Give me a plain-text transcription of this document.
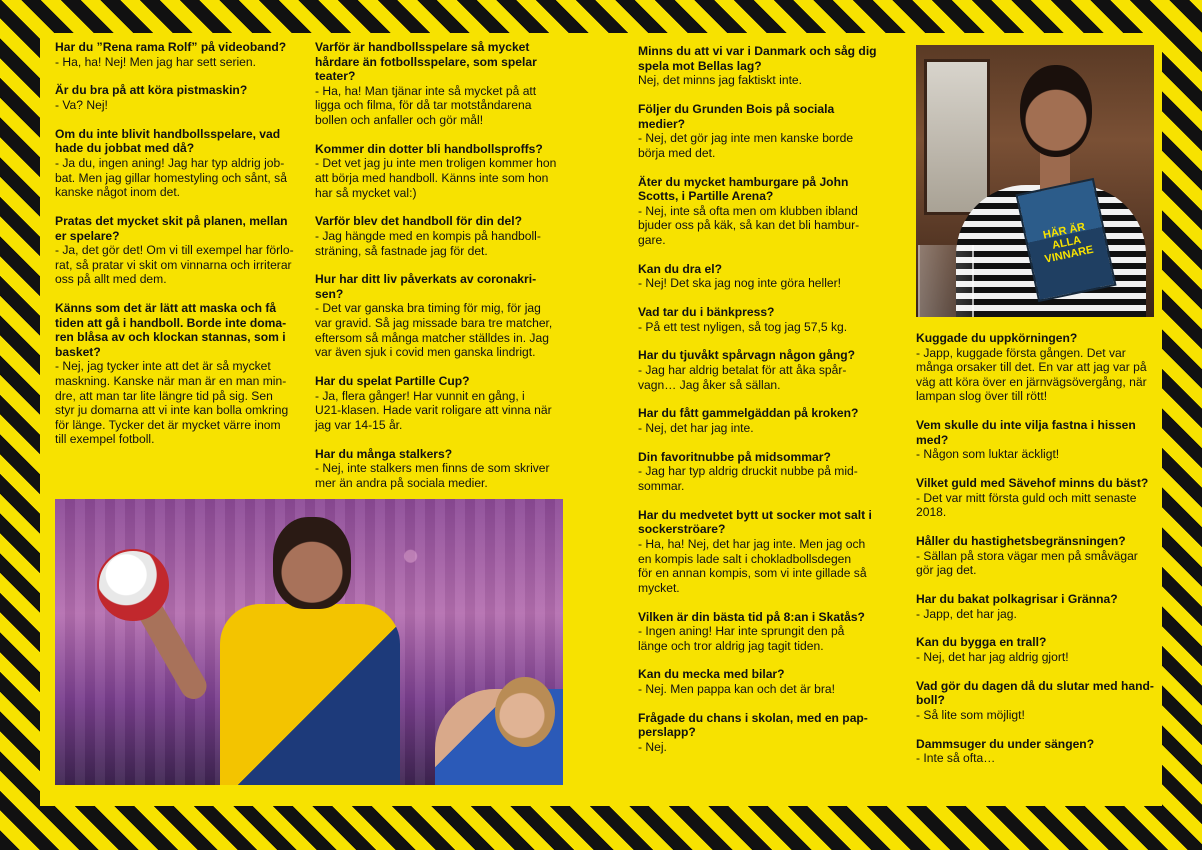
Har du ”Rena rama Rolf” på videoband?
- Ha, ha! Nej! Men jag har sett serien.
Är du bra på att köra pistmaskin?
- Va? Nej!
Om du inte blivit handbollsspelare, vad
hade du jobbat med då?
- Ja du, ingen aning! Jag har typ aldrig job-
bat. Men jag gillar homestyling och sånt, så
kanske något inom det.
Pratas det mycket skit på planen, mellan
er spelare?
- Ja, det gör det! Om vi till exempel har förlo-
rat, så pratar vi skit om vinnarna och irriterar
oss på allt med dem.
Känns som det är lätt att maska och få
tiden att gå i handboll. Borde inte doma-
ren blåsa av och klockan stannas, som i
basket?
- Nej, jag tycker inte att det är så mycket
maskning. Kanske när man är en man min-
dre, att man tar lite längre tid på sig. Sen
styr ju domarna att vi inte kan bolla omkring
för länge. Tycker det är mycket värre inom
till exempel fotboll.
Varför är handbollsspelare så mycket
hårdare än fotbollsspelare, som spelar
teater?
- Ha, ha! Man tjänar inte så mycket på att
ligga och filma, för då tar motståndarena
bollen och anfaller och gör mål!
Kommer din dotter bli handbollsproffs?
- Det vet jag ju inte men troligen kommer hon
att börja med handboll. Känns inte som hon
har så mycket val:)
Varför blev det handboll för din del?
- Jag hängde med en kompis på handboll-
sträning, så fastnade jag för det.
Hur har ditt liv påverkats av coronakri-
sen?
- Det var ganska bra timing för mig, för jag
var gravid. Så jag missade bara tre matcher,
eftersom så många matcher ställdes in. Jag
var även sjuk i covid men ganska lindrigt.
Har du spelat Partille Cup?
- Ja, flera gånger! Har vunnit en gång, i
U21-klasen. Hade varit roligare att vinna när
jag var 14-15 år.
Har du många stalkers?
- Nej, inte stalkers men finns de som skriver
mer än andra på sociala medier.
Minns du att vi var i Danmark och såg dig
spela mot Bellas lag?
Nej, det minns jag faktiskt inte.
Följer du Grunden Bois på sociala
medier?
- Nej, det gör jag inte men kanske borde
börja med det.
Äter du mycket hamburgare på John
Scotts, i Partille Arena?
- Nej, inte så ofta men om klubben ibland
bjuder oss på käk, så kan det bli hambur-
gare.
Kan du dra el?
- Nej! Det ska jag nog inte göra heller!
Vad tar du i bänkpress?
- På ett test nyligen, så tog jag 57,5 kg.
Har du tjuvåkt spårvagn någon gång?
- Jag har aldrig betalat för att åka spår-
vagn… Jag åker så sällan.
Har du fått gammelgäddan på kroken?
- Nej, det har jag inte.
Din favoritnubbe på midsommar?
- Jag har typ aldrig druckit nubbe på mid-
sommar.
Har du medvetet bytt ut socker mot salt i
sockerströare?
- Ha, ha! Nej, det har jag inte. Men jag och
en kompis lade salt i chokladbollsdegen
för en annan kompis, som vi inte gillade så
mycket.
Vilken är din bästa tid på 8:an i Skatås?
- Ingen aning! Har inte sprungit den på
länge och tror aldrig jag tagit tiden.
Kan du mecka med bilar?
- Nej. Men pappa kan och det är bra!
Frågade du chans i skolan, med en pap-
perslapp?
- Nej.
Kuggade du uppkörningen?
- Japp, kuggade första gången. Det var
många orsaker till det. En var att jag var på
väg att köra över en järnvägsövergång, när
lampan slog över till rött!
Vem skulle du inte vilja fastna i hissen
med?
- Någon som luktar äckligt!
Vilket guld med Sävehof minns du bäst?
- Det var mitt första guld och mitt senaste
2018.
Håller du hastighetsbegränsningen?
- Sällan på stora vägar men på småvägar
gör jag det.
Har du bakat polkagrisar i Gränna?
- Japp, det har jag.
Kan du bygga en trall?
- Nej, det har jag aldrig gjort!
Vad gör du dagen då du slutar med hand-
boll?
- Så lite som möjligt!
Dammsuger du under sängen?
- Inte så ofta…
HÄR ÄR
ALLA
VINNARE
